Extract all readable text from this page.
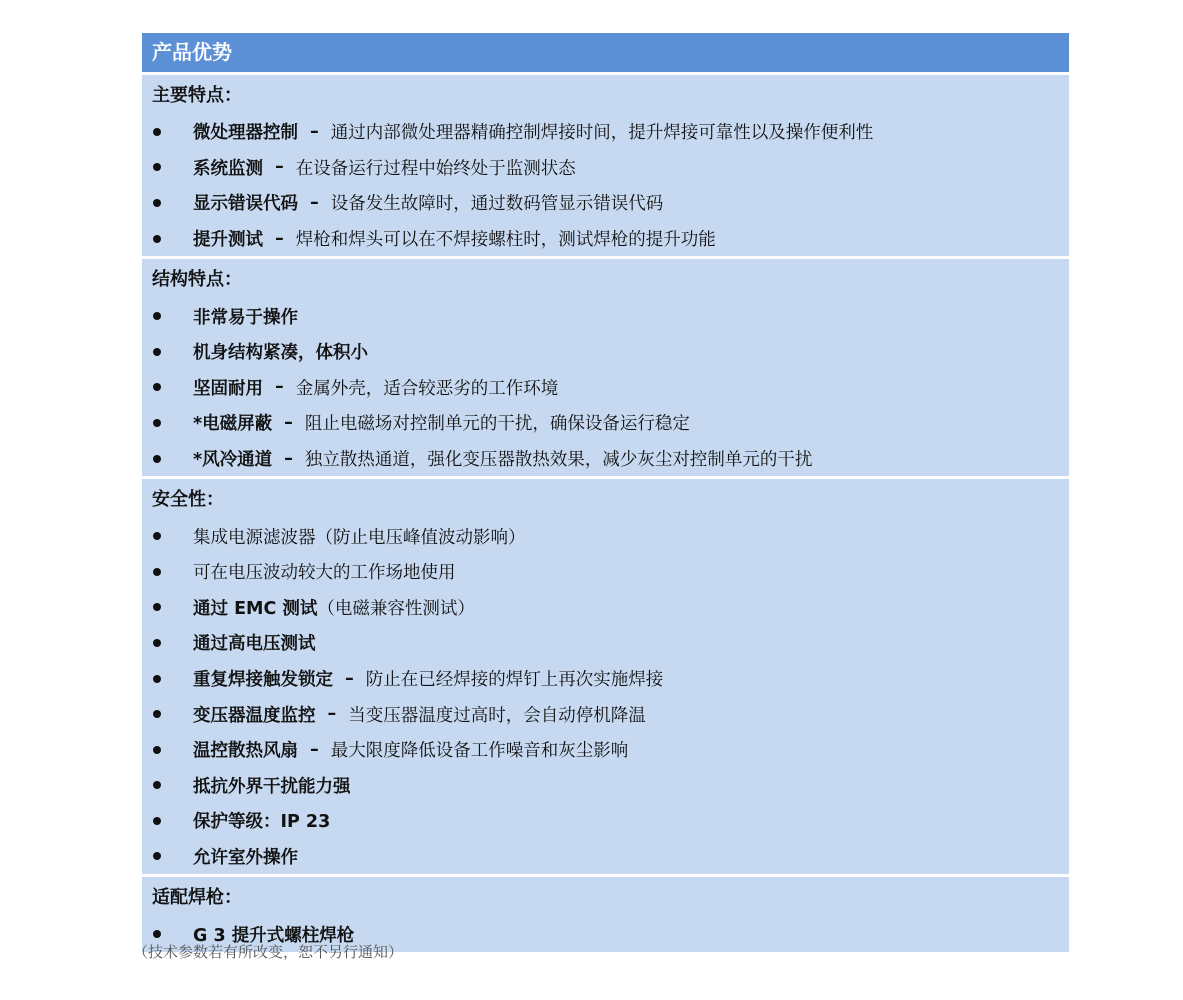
产品优势
主要特点：
微处理器控制 – 通过内部微处理器精确控制焊接时间，提升焊接可靠性以及操作便利性
系统监测 – 在设备运行过程中始终处于监测状态
显示错误代码 – 设备发生故障时，通过数码管显示错误代码
提升测试 – 焊枪和焊头可以在不焊接螺柱时，测试焊枪的提升功能
结构特点：
非常易于操作
机身结构紧凑，体积小
坚固耐用 – 金属外壳，适合较恶劣的工作环境
*电磁屏蔽 – 阻止电磁场对控制单元的干扰，确保设备运行稳定
*风冷通道 – 独立散热通道，强化变压器散热效果，减少灰尘对控制单元的干扰
安全性：
集成电源滤波器（防止电压峰值波动影响）
可在电压波动较大的工作场地使用
通过 EMC 测试 （电磁兼容性测试）
通过高电压测试
重复焊接触发锁定 – 防止在已经焊接的焊钉上再次实施焊接
变压器温度监控 – 当变压器温度过高时，会自动停机降温
温控散热风扇 – 最大限度降低设备工作噪音和灰尘影响
抵抗外界干扰能力强
保护等级：IP 23
允许室外操作
适配焊枪：
G 3 提升式螺柱焊枪
（技术参数若有所改变，恕不另行通知）
